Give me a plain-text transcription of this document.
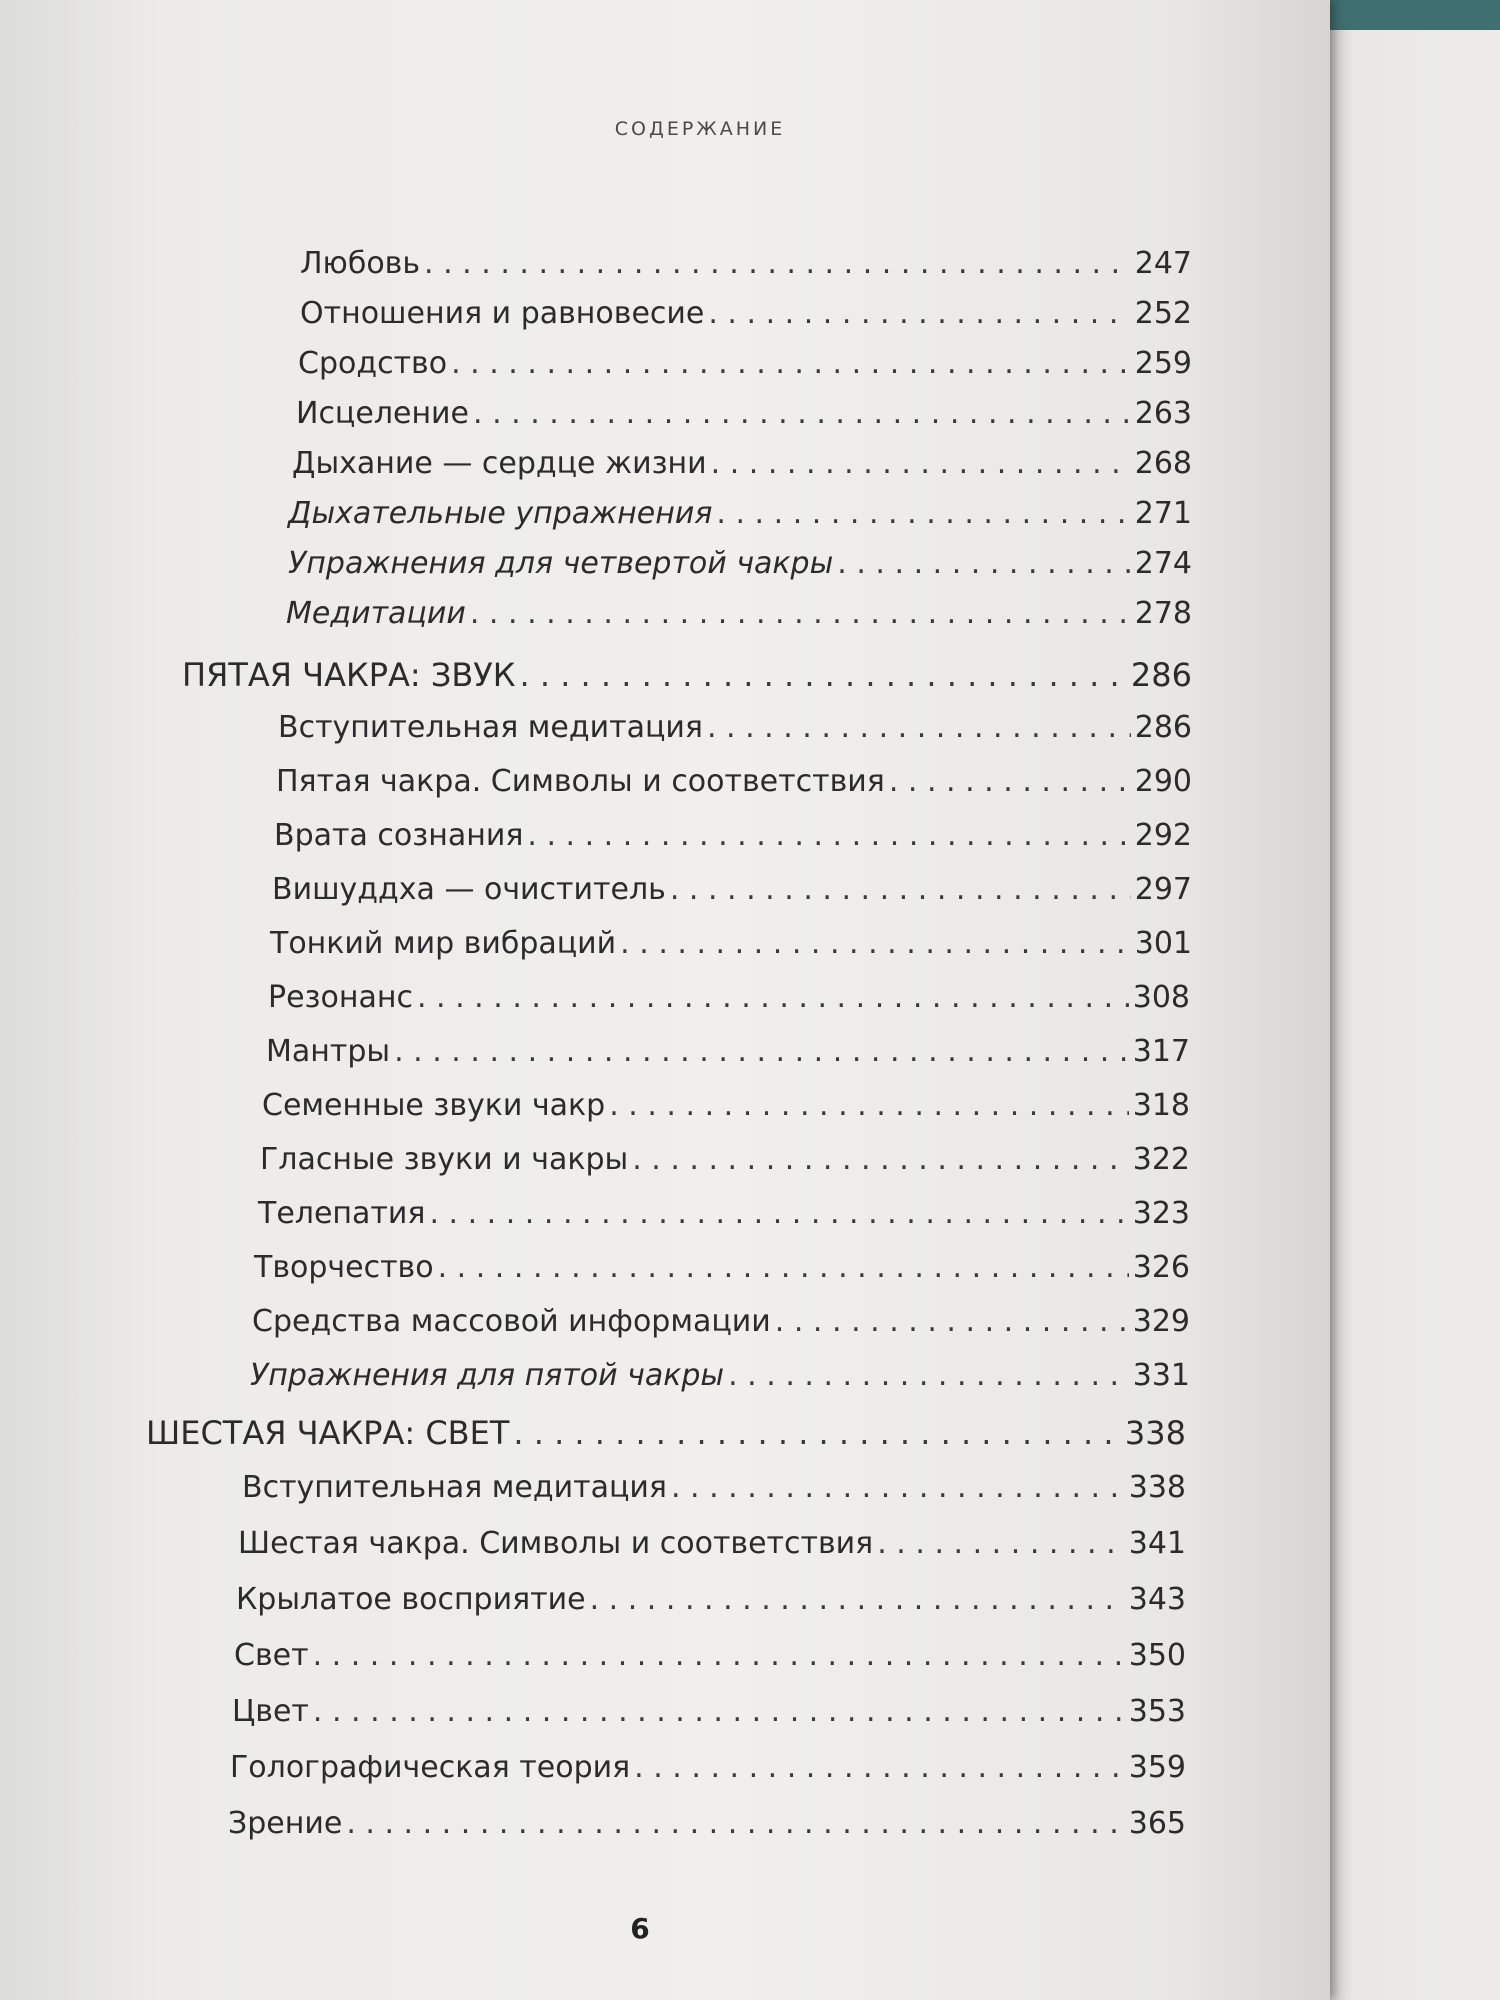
СОДЕРЖАНИЕ
Любовь . . .	247
Отношения и равновесие . . .	252
Сродство . . .	259
Исцеление . . .	263
Дыхание — сердце жизни . . .	268
Дыхательные упражнения . . .	271
Упражнения для четвертой чакры . . .	274
Медитации . . .	278
ПЯТАЯ ЧАКРА: ЗВУК . . .	286
Вступительная медитация . . .	286
Пятая чакра. Символы и соответствия . . .	290
Врата сознания . . .	292
Вишуддха — очиститель . . .	297
Тонкий мир вибраций . . .	301
Резонанс . . .	308
Мантры . . .	317
Семенные звуки чакр . . .	318
Гласные звуки и чакры . . .	322
Телепатия . . .	323
Творчество . . .	326
Средства массовой информации . . .	329
Упражнения для пятой чакры . . .	331
ШЕСТАЯ ЧАКРА: СВЕТ . . .	338
Вступительная медитация . . .	338
Шестая чакра. Символы и соответствия . . .	341
Крылатое восприятие . . .	343
Свет . . .	350
Цвет . . .	353
Голографическая теория . . .	359
Зрение . . .	365
6
